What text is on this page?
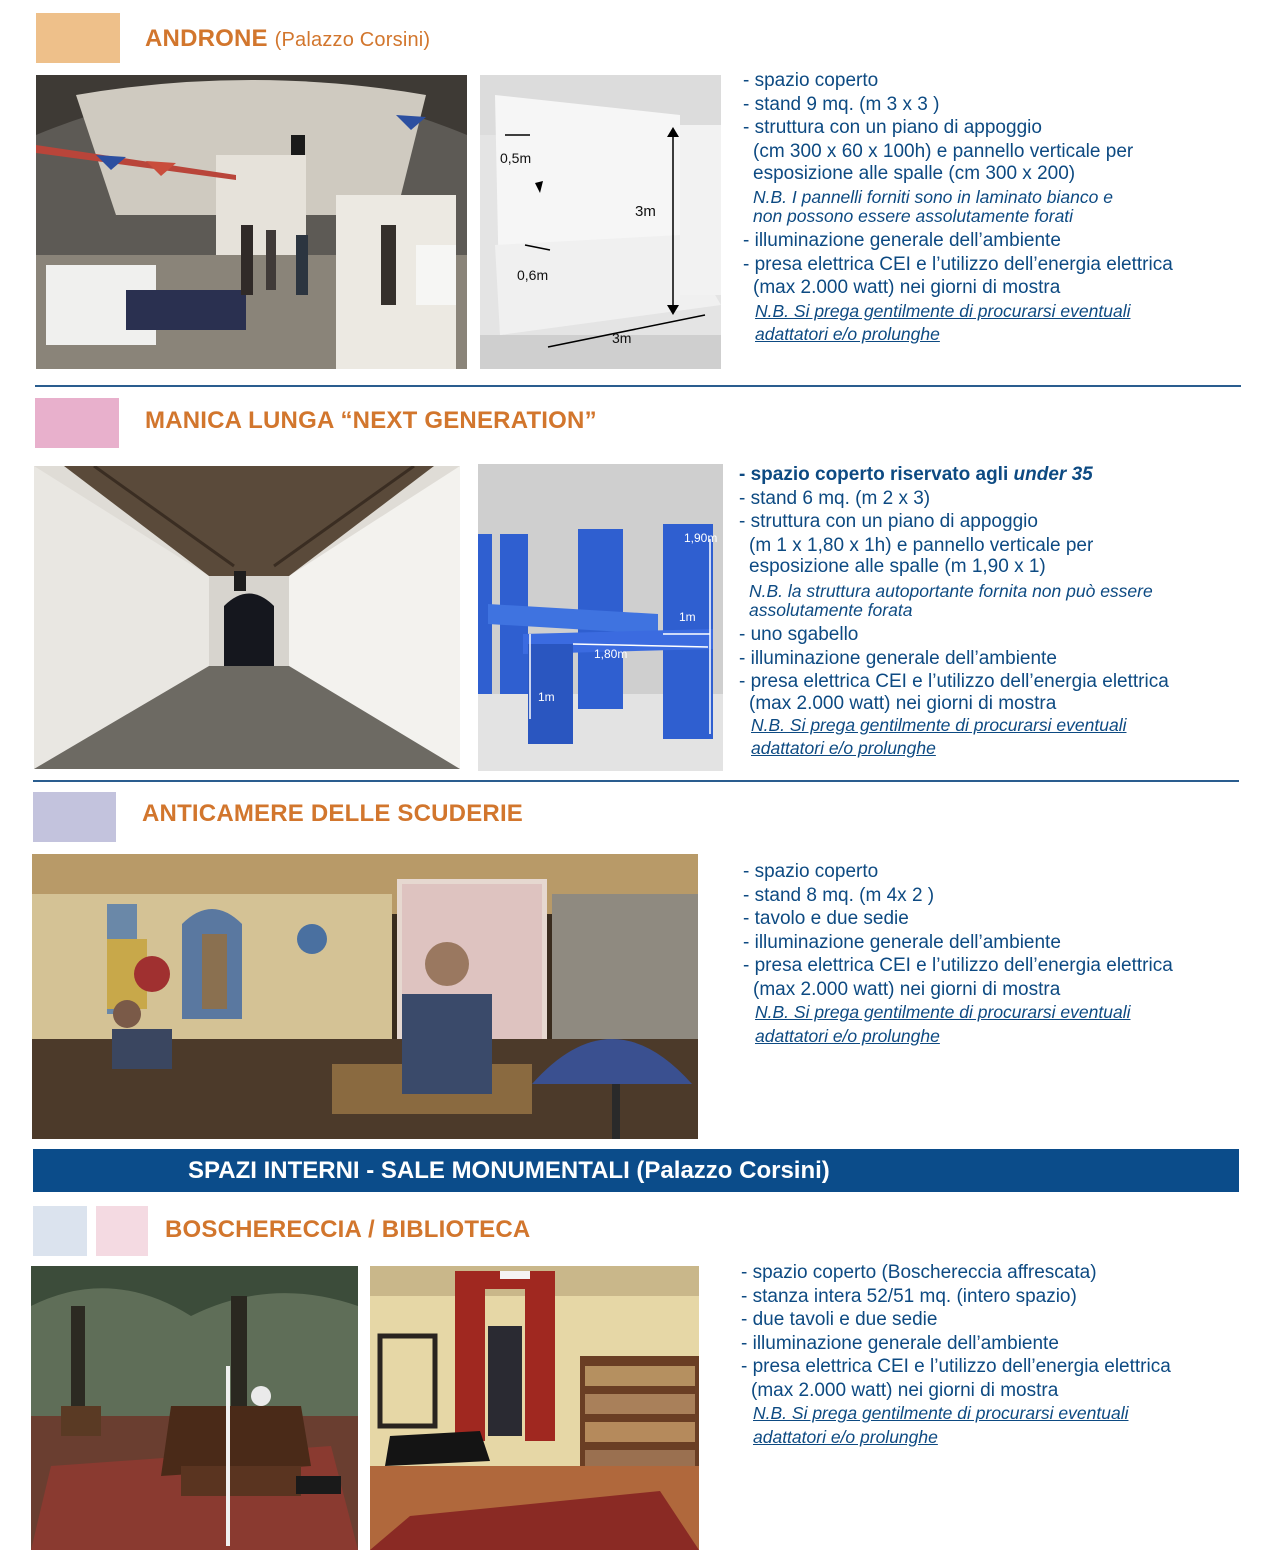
ANDRONE (Palazzo Corsini)
0,5m
3m
0,6m
3m
- spazio coperto
- stand 9 mq. (m 3 x 3 )
- struttura con un piano di appoggio
(cm 300 x 60 x 100h) e pannello verticale per
esposizione alle spalle (cm 300 x 200)
N.B. I pannelli forniti sono in laminato bianco e
non possono essere assolutamente forati
- illuminazione generale dell’ambiente
- presa elettrica CEI e l’utilizzo dell’energia elettrica
(max 2.000 watt) nei giorni di mostra
N.B. Si prega gentilmente di procurarsi eventuali
adattatori e/o prolunghe
MANICA LUNGA “NEXT GENERATION”
1,90m
1m
1,80m
1m
- spazio coperto riservato agli under 35
- stand 6 mq. (m 2 x 3)
- struttura con un piano di appoggio
(m 1 x 1,80 x 1h) e pannello verticale per
esposizione alle spalle (m 1,90 x 1)
N.B. la struttura autoportante fornita non può essere
assolutamente forata
- uno sgabello
- illuminazione generale dell’ambiente
- presa elettrica CEI e l’utilizzo dell’energia elettrica
(max 2.000 watt) nei giorni di mostra
N.B. Si prega gentilmente di procurarsi eventuali
adattatori e/o prolunghe
ANTICAMERE DELLE SCUDERIE
- spazio coperto
- stand 8 mq. (m 4x 2 )
- tavolo e due sedie
- illuminazione generale dell’ambiente
- presa elettrica CEI e l’utilizzo dell’energia elettrica
(max 2.000 watt) nei giorni di mostra
N.B. Si prega gentilmente di procurarsi eventuali
adattatori e/o prolunghe
SPAZI INTERNI - SALE MONUMENTALI (Palazzo Corsini)
BOSCHERECCIA / BIBLIOTECA
- spazio coperto (Boschereccia affrescata)
- stanza intera 52/51 mq. (intero spazio)
- due tavoli e due sedie
- illuminazione generale dell’ambiente
- presa elettrica CEI e l’utilizzo dell’energia elettrica
(max 2.000 watt) nei giorni di mostra
N.B. Si prega gentilmente di procurarsi eventuali
adattatori e/o prolunghe
